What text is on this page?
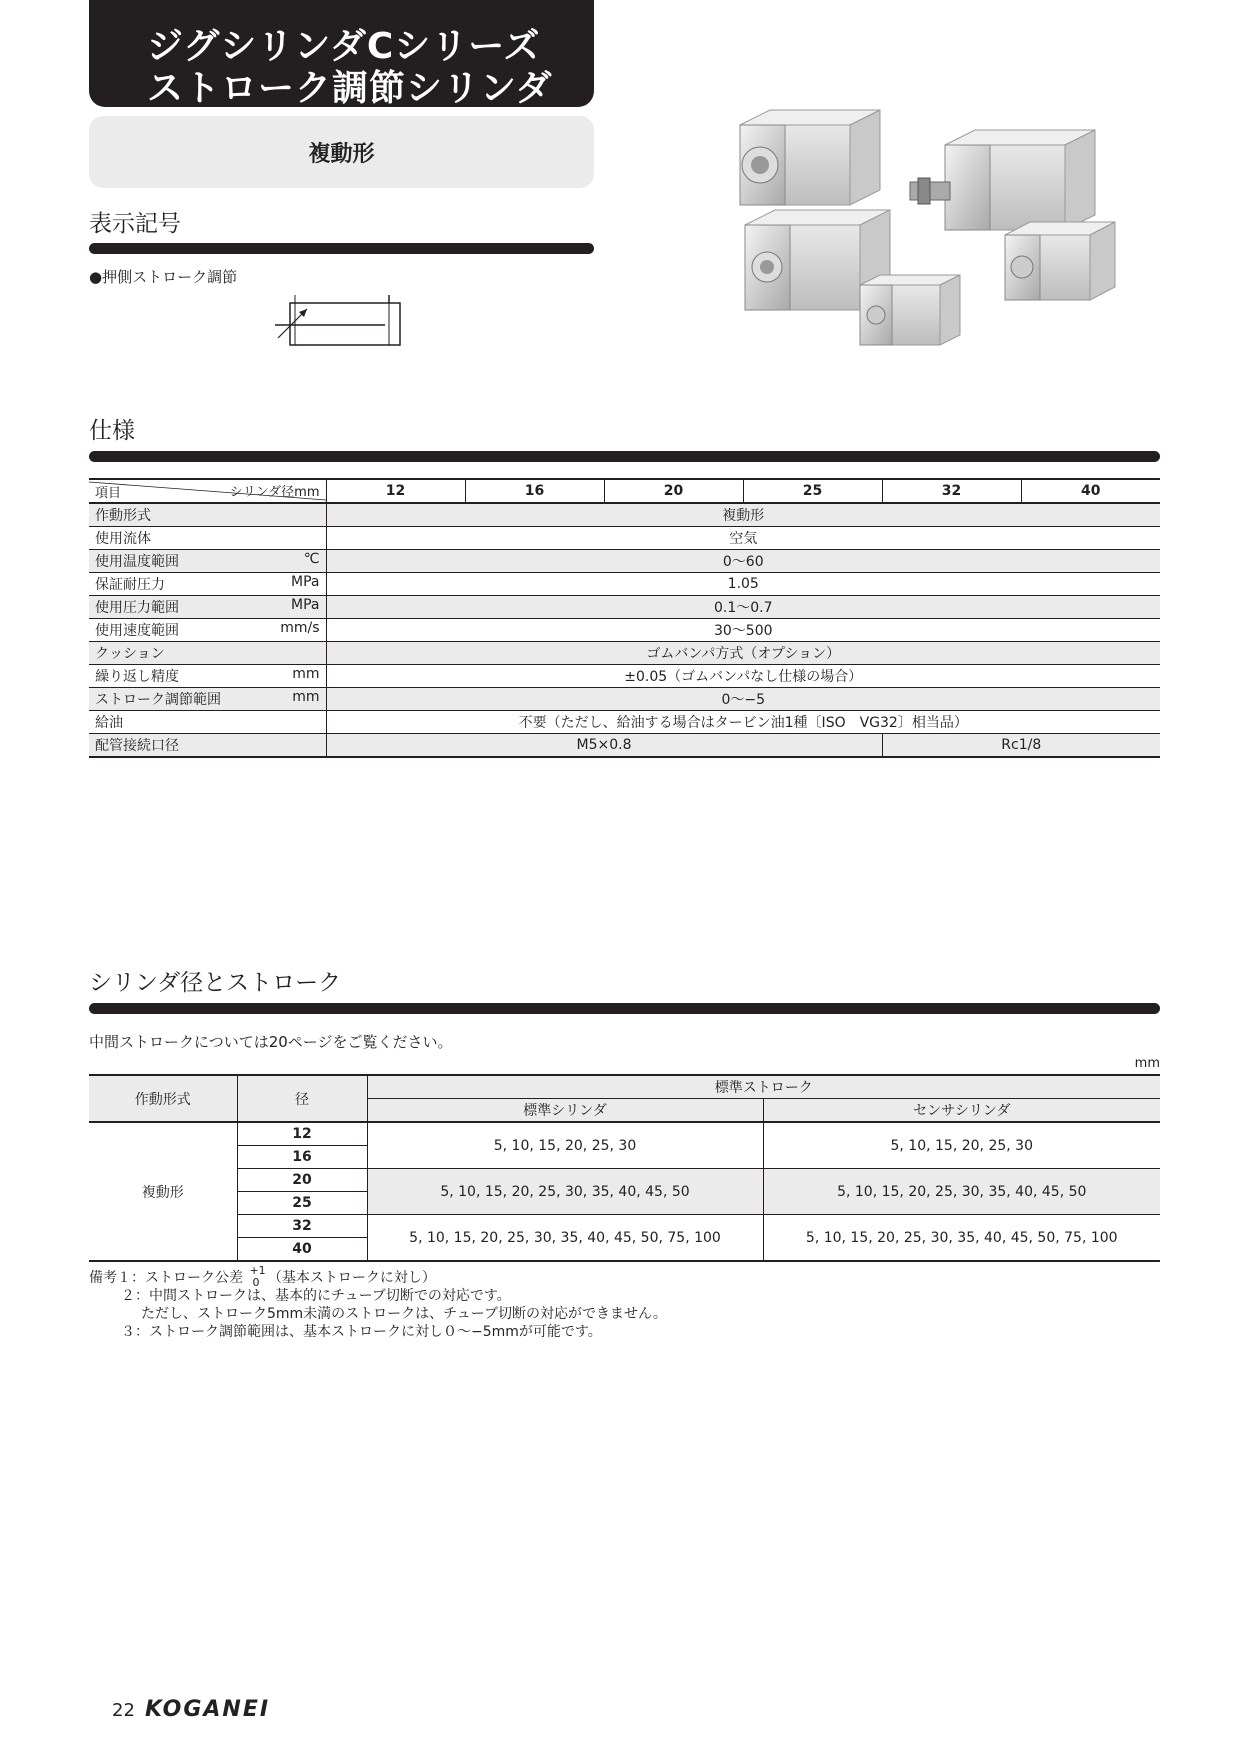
ジグシリンダCシリーズ
ストローク調節シリンダ
複動形
表示記号
●押側ストローク調節
仕様
項目 シリンダ径mm	12	16	20	25	32	40

作動形式	複動形					

使用流体	空気					

使用温度範囲 ℃	0〜60					

保証耐圧力 MPa	1.05					

使用圧力範囲 MPa	0.1〜0.7					

使用速度範囲 mm/s	30〜500					

クッション	ゴムバンパ方式（オプション）					

繰り返し精度 mm	±0.05（ゴムバンパなし仕様の場合）					

ストローク調節範囲 mm	0〜−5					

給油	不要（ただし、給油する場合はタービン油1種〔ISO　VG32〕相当品）					
配管接続口径	M5×0.8				Rc1/8	
シリンダ径とストローク
中間ストロークについては20ページをご覧ください。
mm
作動形式	径	標準ストローク	
		標準シリンダ	センサシリンダ
複動形	12	5, 10, 15, 20, 25, 30	5, 10, 15, 20, 25, 30
	16		
	20	5, 10, 15, 20, 25, 30, 35, 40, 45, 50	5, 10, 15, 20, 25, 30, 35, 40, 45, 50
	25		
	32	5, 10, 15, 20, 25, 30, 35, 40, 45, 50, 75, 100	5, 10, 15, 20, 25, 30, 35, 40, 45, 50, 75, 100
	40		
備考１：ストローク公差 +1
0 （基本ストロークに対し）
２：中間ストロークは、基本的にチューブ切断での対応です。
ただし、ストローク5mm未満のストロークは、チューブ切断の対応ができません。
３：ストローク調節範囲は、基本ストロークに対し０〜−5mmが可能です。
22 KOGANEI
